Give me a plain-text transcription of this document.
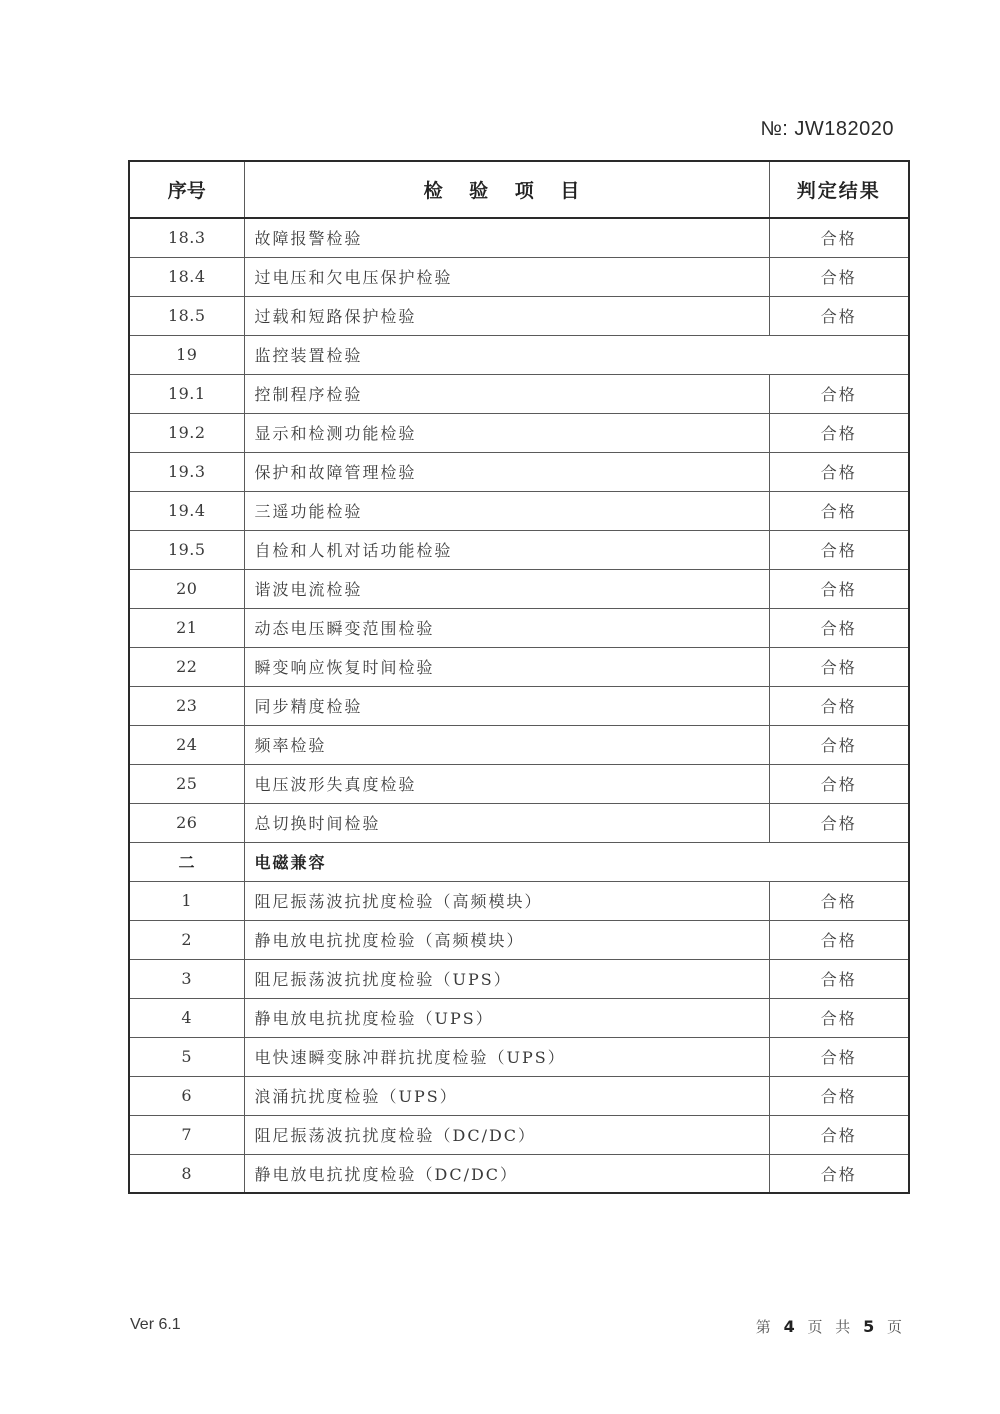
№: JW182020
序号	检 验 项 目	判定结果
18.3	故障报警检验	合格
18.4	过电压和欠电压保护检验	合格
18.5	过载和短路保护检验	合格
19	监控装置检验	
19.1	控制程序检验	合格
19.2	显示和检测功能检验	合格
19.3	保护和故障管理检验	合格
19.4	三遥功能检验	合格
19.5	自检和人机对话功能检验	合格
20	谐波电流检验	合格
21	动态电压瞬变范围检验	合格
22	瞬变响应恢复时间检验	合格
23	同步精度检验	合格
24	频率检验	合格
25	电压波形失真度检验	合格
26	总切换时间检验	合格
二	电磁兼容	
1	阻尼振荡波抗扰度检验（高频模块）	合格
2	静电放电抗扰度检验（高频模块）	合格
3	阻尼振荡波抗扰度检验（UPS）	合格
4	静电放电抗扰度检验（UPS）	合格
5	电快速瞬变脉冲群抗扰度检验（UPS）	合格
6	浪涌抗扰度检验（UPS）	合格
7	阻尼振荡波抗扰度检验（DC/DC）	合格
8	静电放电抗扰度检验（DC/DC）	合格
Ver 6.1	第 4 页 共 5 页
